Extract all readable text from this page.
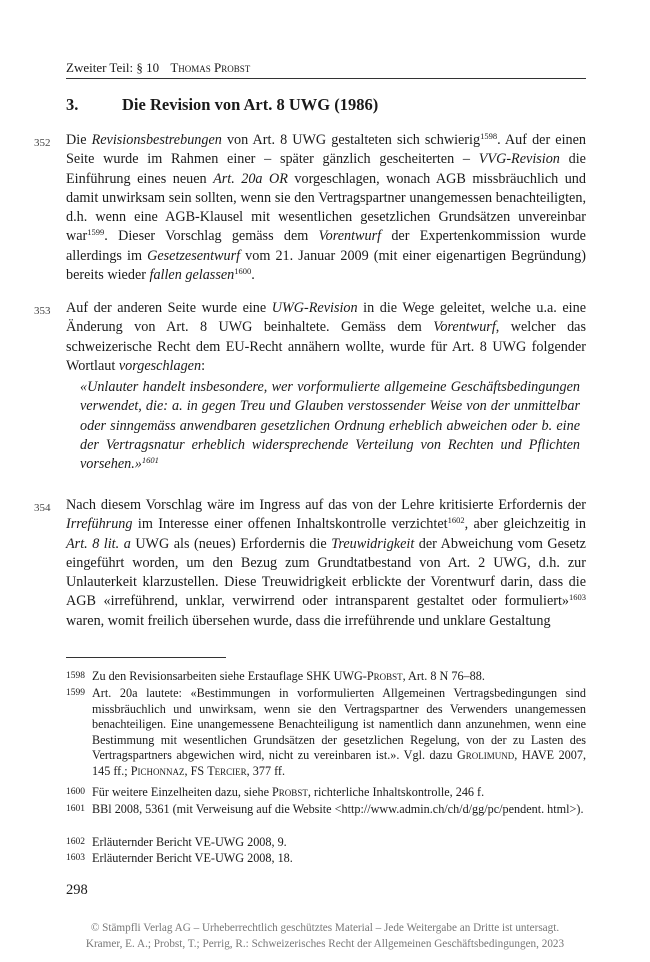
Zweiter Teil: § 10 Thomas Probst
3.	Die Revision von Art. 8 UWG (1986)
352 Die Revisionsbestrebungen von Art. 8 UWG gestalteten sich schwierig$^{1598}$. Auf der einen Seite wurde im Rahmen einer – später gänzlich gescheiterten – VVG-Revision die Einführung eines neuen Art. 20a OR vorgeschlagen, wonach AGB missbräuchlich und damit unwirksam sein sollten, wenn sie den Vertragspartner unangemessen benachteiligten, d.h. wenn eine AGB-Klausel mit wesentlichen gesetzlichen Grundsätzen unvereinbar war$^{1599}$. Dieser Vorschlag gemäss dem Vorentwurf der Expertenkommission wurde allerdings im Gesetzesentwurf vom 21. Januar 2009 (mit einer eigenartigen Begründung) bereits wieder fallen gelassen$^{1600}$.

353 Auf der anderen Seite wurde eine UWG-Revision in die Wege geleitet, welche u.a. eine Änderung von Art. 8 UWG beinhaltete. Gemäss dem Vorentwurf, welcher das schweizerische Recht dem EU-Recht annähern wollte, wurde für Art. 8 UWG folgender Wortlaut vorgeschlagen:

«Unlauter handelt insbesondere, wer vorformulierte allgemeine Geschäftsbedingungen verwendet, die: a. in gegen Treu und Glauben verstossender Weise von der unmittelbar oder sinngemäss anwendbaren gesetzlichen Ordnung erheblich abweichen oder b. eine der Vertragsnatur erheblich widersprechende Verteilung von Rechten und Pflichten vorsehen.»$^{1601}$

354 Nach diesem Vorschlag wäre im Ingress auf das von der Lehre kritisierte Erfordernis der Irreführung im Interesse einer offenen Inhaltskontrolle verzichtet$^{1602}$, aber gleichzeitig in Art. 8 lit. a UWG als (neues) Erfordernis die Treuwidrigkeit der Abweichung vom Gesetz eingeführt worden, um den Bezug zum Grundtatbestand von Art. 2 UWG, d.h. zur Unlauterkeit klarzustellen. Diese Treuwidrigkeit erblickte der Vorentwurf darin, dass die AGB «irreführend, unklar, verwirrend oder intransparent gestaltet oder formuliert»$^{1603}$ waren, womit freilich übersehen wurde, dass die irreführende und unklare Gestaltung

1598 Zu den Revisionsarbeiten siehe Erstauflage SHK UWG-Probst, Art. 8 N 76–88.

1599 Art. 20a lautete: «Bestimmungen in vorformulierten Allgemeinen Vertragsbedingungen sind missbräuchlich und unwirksam, wenn sie den Vertragspartner des Verwenders unangemessen benachteiligen. Eine unangemessene Benachteiligung ist namentlich dann anzunehmen, wenn eine Bestimmung mit wesentlichen Grundsätzen der gesetzlichen Regelung, von der zu Lasten des Vertragspartners abgewichen wird, nicht zu vereinbaren ist.». Vgl. dazu Grolimund, HAVE 2007, 145 ff.; Pichonnaz, FS Tercier, 377 ff.

1600 Für weitere Einzelheiten dazu, siehe Probst, richterliche Inhaltskontrolle, 246 f.

1601 BBl 2008, 5361 (mit Verweisung auf die Website <http://www.admin.ch/ch/d/gg/pc/pendent. html>).

1602 Erläuternder Bericht VE-UWG 2008, 9.

1603 Erläuternder Bericht VE-UWG 2008, 18.

298
© Stämpfli Verlag AG – Urheberrechtlich geschütztes Material – Jede Weitergabe an Dritte ist untersagt.
Kramer, E. A.; Probst, T.; Perrig, R.: Schweizerisches Recht der Allgemeinen Geschäftsbedingungen, 2023
